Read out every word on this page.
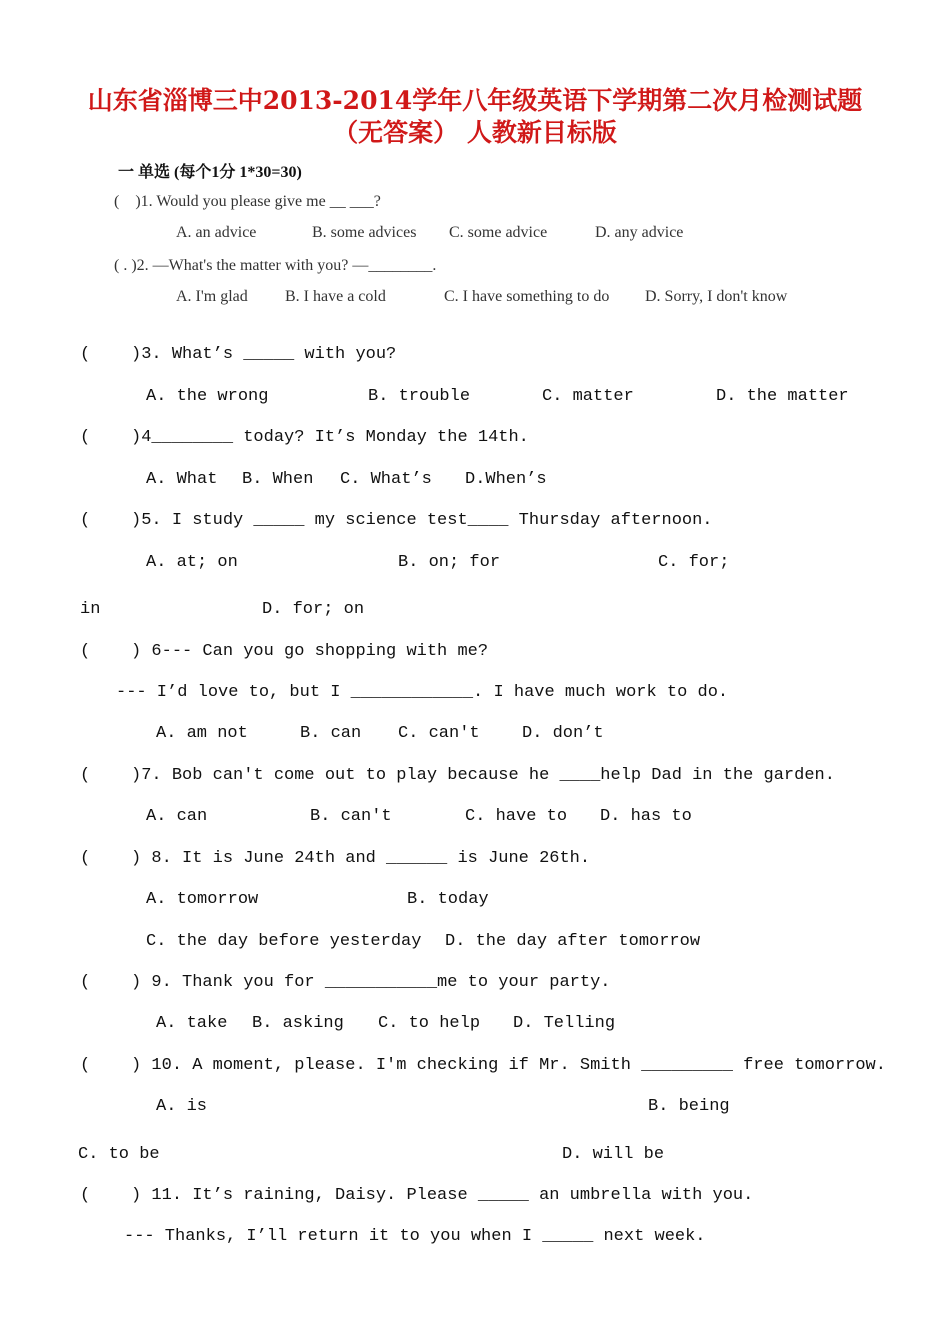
山东省淄博三中2013-2014学年八年级英语下学期第二次月检测试题
（无答案） 人教新目标版
一 单选 (每个1分 1*30=30)
(    )1. Would you please give me __ ___?
A. an advice	B. some advices C. some advice	D. any advice
( . )2. —What's the matter with you? —________.
A. I'm glad B. I have a cold	C. I have something to do D. Sorry, I don't know
(    )3. What’s _____ with you?
A. the wrong	B. trouble	C. matter	D. the matter
(    )4________ today? It’s Monday the 14th.
A. What B. When C. What’s D.When’s
(    )5. I study _____ my science test____ Thursday afternoon.
A. at; on	B. on; for	C. for;
in	D. for; on
(    ) 6--- Can you go shopping with me?
--- I’d love to, but I ____________. I have much work to do.
A. am not	B. can C. can't D. don’t
(    )7. Bob can't come out to play because he ____help Dad in the garden.
A. can	B. can't	C. have to D. has to
(    ) 8. It is June 24th and ______ is June 26th.
A. tomorrow	B. today
C. the day before yesterday D. the day after tomorrow
(    ) 9. Thank you for ___________me to your party.
A. take B. asking C. to help D. Telling
(    ) 10. A moment, please. I'm checking if Mr. Smith _________ free tomorrow.
A. is	B. being
C. to be	D. will be
(    ) 11. It’s raining, Daisy. Please _____ an umbrella with you.
--- Thanks, I’ll return it to you when I _____ next week.
